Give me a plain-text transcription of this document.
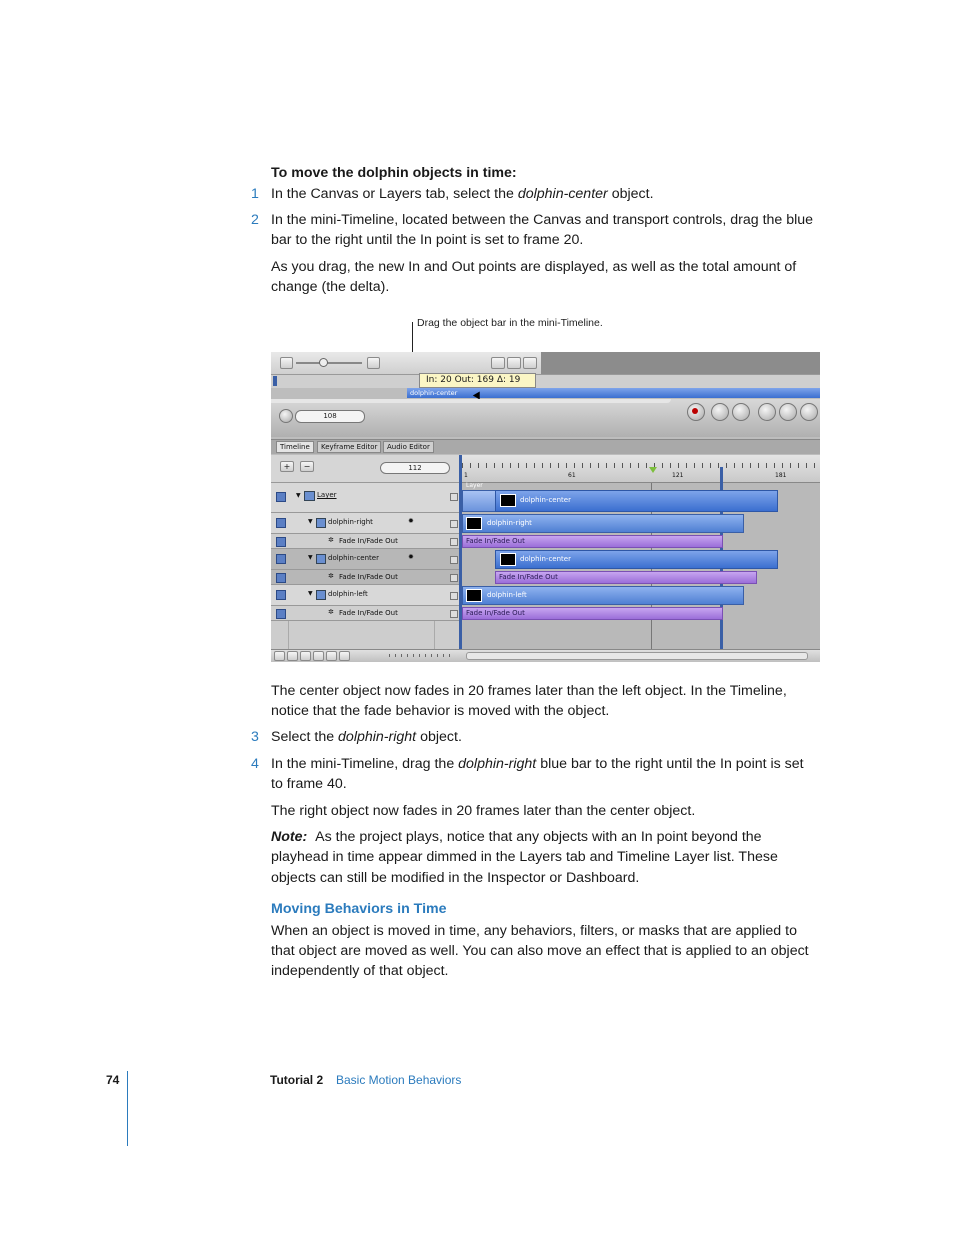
To move the dolphin objects in time:
1 In the Canvas or Layers tab, select the dolphin-center object.
2 In the mini-Timeline, located between the Canvas and transport controls, drag the blue
bar to the right until the In point is set to frame 20.
As you drag, the new In and Out points are displayed, as well as the total amount of
change (the delta).
Drag the object bar in the mini-Timeline.
In: 20 Out: 169 Δ: 19
dolphin-center
108
Timeline	Keyframe Editor	Audio Editor
+	−	112
▼ Layer
▼ dolphin-right	✹
✲ Fade In/Fade Out
▼ dolphin-center	✹
✲ Fade In/Fade Out
▼ dolphin-left
✲ Fade In/Fade Out
1	61	121	181
Layer
dolphin-center
dolphin-right
Fade In/Fade Out
dolphin-center
Fade In/Fade Out
dolphin-left
Fade In/Fade Out
The center object now fades in 20 frames later than the left object. In the Timeline,
notice that the fade behavior is moved with the object.
3 Select the dolphin-right object.
4 In the mini-Timeline, drag the dolphin-right blue bar to the right until the In point is set
to frame 40.
The right object now fades in 20 frames later than the center object.
Note: As the project plays, notice that any objects with an In point beyond the
playhead in time appear dimmed in the Layers tab and Timeline Layer list. These
objects can still be modified in the Inspector or Dashboard.
Moving Behaviors in Time
When an object is moved in time, any behaviors, filters, or masks that are applied to
that object are moved as well. You can also move an effect that is applied to an object
independently of that object.
74	Tutorial 2 Basic Motion Behaviors
